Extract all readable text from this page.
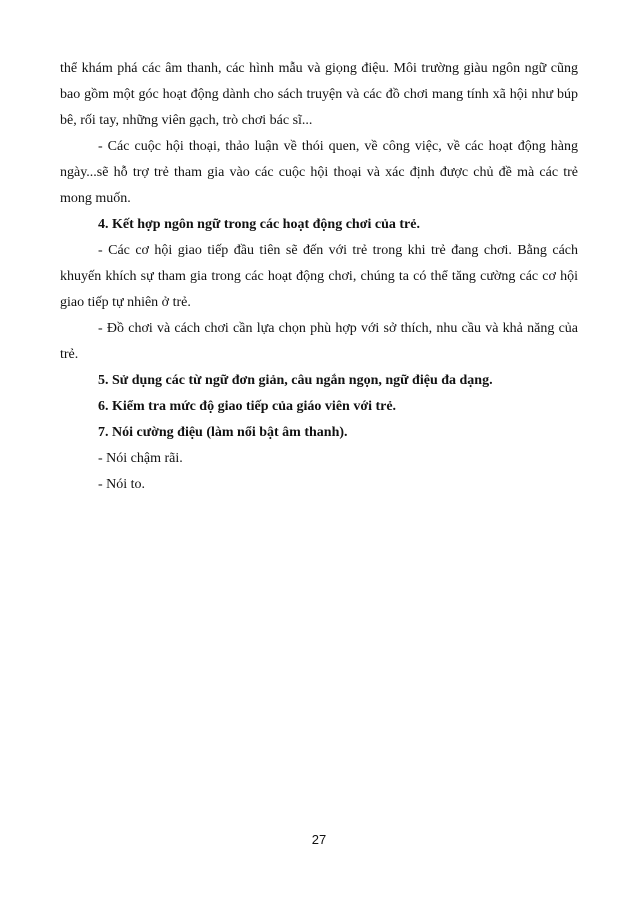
thể khám phá các âm thanh, các hình mẫu và giọng điệu. Môi trường giàu ngôn ngữ cũng bao gồm một góc hoạt động dành cho sách truyện và các đồ chơi mang tính xã hội như búp bê, rối tay, những viên gạch, trò chơi bác sĩ...

- Các cuộc hội thoại, thảo luận về thói quen, về công việc, về các hoạt động hàng ngày...sẽ hỗ trợ trẻ tham gia vào các cuộc hội thoại và xác định được chủ đề mà các trẻ mong muốn.

4. Kết hợp ngôn ngữ trong các hoạt động chơi của trẻ.

- Các cơ hội giao tiếp đầu tiên sẽ đến với trẻ trong khi trẻ đang chơi. Bằng cách khuyến khích sự tham gia trong các hoạt động chơi, chúng ta có thể tăng cường các cơ hội giao tiếp tự nhiên ở trẻ.

- Đồ chơi và cách chơi cần lựa chọn phù hợp với sở thích, nhu cầu và khả năng của trẻ.

5. Sử dụng các từ ngữ đơn giản, câu ngắn ngọn, ngữ điệu đa dạng.

6. Kiểm tra mức độ giao tiếp của giáo viên với trẻ.

7. Nói cường điệu (làm nổi bật âm thanh).

- Nói chậm rãi.

- Nói to.

27
